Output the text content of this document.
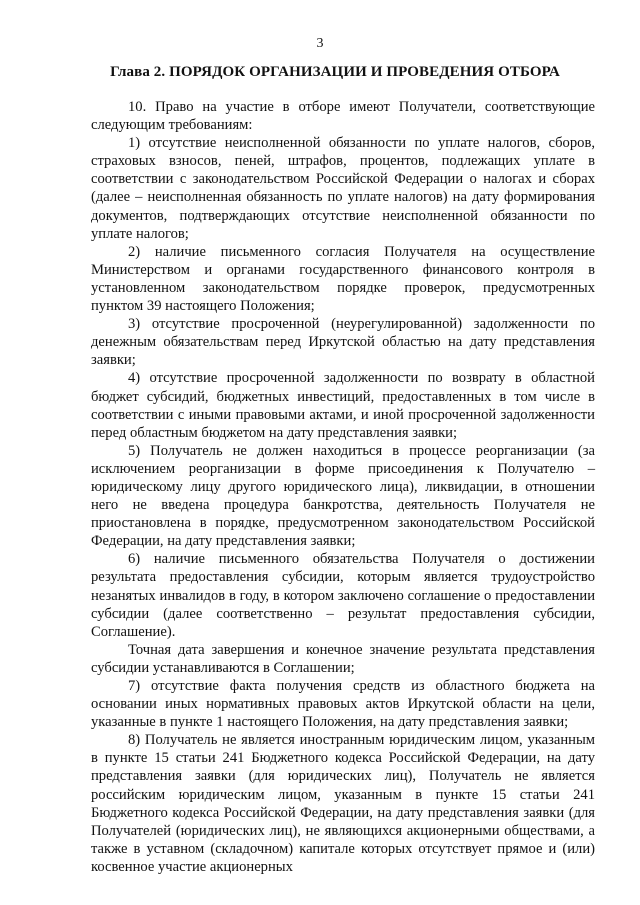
3
Глава 2. ПОРЯДОК ОРГАНИЗАЦИИ И ПРОВЕДЕНИЯ ОТБОРА

10. Право на участие в отборе имеют Получатели, соответствующие следующим требованиям:

1) отсутствие неисполненной обязанности по уплате налогов, сборов, страховых взносов, пеней, штрафов, процентов, подлежащих уплате в соответствии с законодательством Российской Федерации о налогах и сборах (далее – неисполненная обязанность по уплате налогов) на дату формирования документов, подтверждающих отсутствие неисполненной обязанности по уплате налогов;

2) наличие письменного согласия Получателя на осуществление Министерством и органами государственного финансового контроля в установленном законодательством порядке проверок, предусмотренных пунктом 39 настоящего Положения;

3) отсутствие просроченной (неурегулированной) задолженности по денежным обязательствам перед Иркутской областью на дату представления заявки;

4) отсутствие просроченной задолженности по возврату в областной бюджет субсидий, бюджетных инвестиций, предоставленных в том числе в соответствии с иными правовыми актами, и иной просроченной задолженности перед областным бюджетом на дату представления заявки;

5) Получатель не должен находиться в процессе реорганизации (за исключением реорганизации в форме присоединения к Получателю – юридическому лицу другого юридического лица), ликвидации, в отношении него не введена процедура банкротства, деятельность Получателя не приостановлена в порядке, предусмотренном законодательством Российской Федерации, на дату представления заявки;

6) наличие письменного обязательства Получателя о достижении результата предоставления субсидии, которым является трудоустройство незанятых инвалидов в году, в котором заключено соглашение о предоставлении субсидии (далее соответственно – результат предоставления субсидии, Соглашение).

Точная дата завершения и конечное значение результата представления субсидии устанавливаются в Соглашении;

7) отсутствие факта получения средств из областного бюджета на основании иных нормативных правовых актов Иркутской области на цели, указанные в пункте 1 настоящего Положения, на дату представления заявки;

8) Получатель не является иностранным юридическим лицом, указанным в пункте 15 статьи 241 Бюджетного кодекса Российской Федерации, на дату представления заявки (для юридических лиц), Получатель не является российским юридическим лицом, указанным в пункте 15 статьи 241 Бюджетного кодекса Российской Федерации, на дату представления заявки (для Получателей (юридических лиц), не являющихся акционерными обществами, а также в уставном (складочном) капитале которых отсутствует прямое и (или) косвенное участие акционерных
